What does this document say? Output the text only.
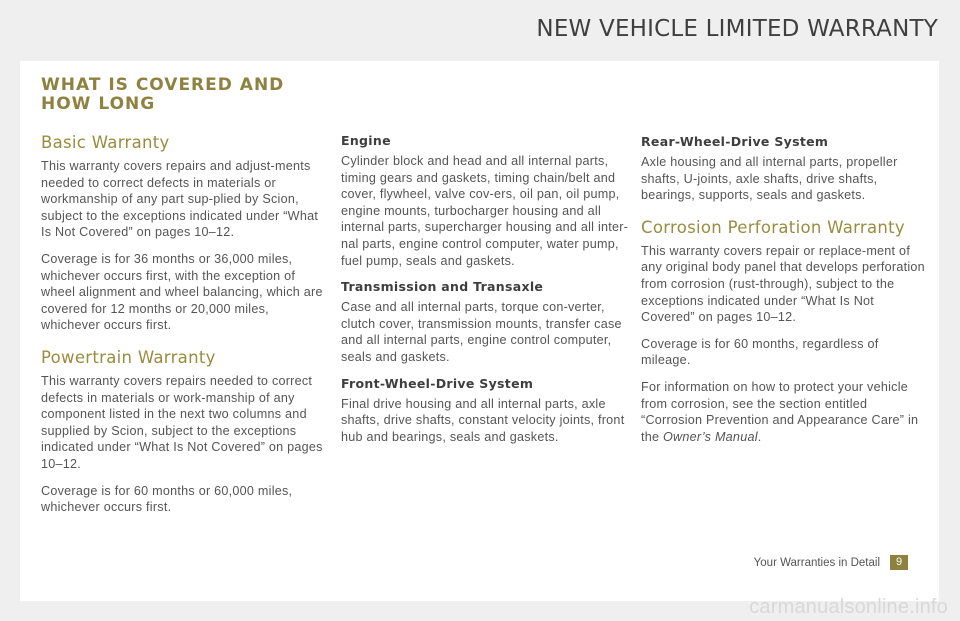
NEW VEHICLE LIMITED WARRANTY
WHAT IS COVERED AND
HOW LONG
Basic Warranty

This warranty covers repairs and adjust-ments needed to correct defects in materials or workmanship of any part sup-plied by Scion, subject to the exceptions indicated under “What Is Not Covered” on pages 10–12.

Coverage is for 36 months or 36,000 miles, whichever occurs first, with the exception of wheel alignment and wheel balancing, which are covered for 12 months or 20,000 miles, whichever occurs first.

Powertrain Warranty

This warranty covers repairs needed to correct defects in materials or work-manship of any component listed in the next two columns and supplied by Scion, subject to the exceptions indicated under “What Is Not Covered” on pages 10–12.

Coverage is for 60 months or 60,000 miles, whichever occurs first.

Engine

Cylinder block and head and all internal parts, timing gears and gaskets, timing chain/belt and cover, flywheel, valve cov-ers, oil pan, oil pump, engine mounts, turbocharger housing and all internal parts, supercharger housing and all inter-nal parts, engine control computer, water pump, fuel pump, seals and gaskets.

Transmission and Transaxle

Case and all internal parts, torque con-verter, clutch cover, transmission mounts, transfer case and all internal parts, engine control computer, seals and gaskets.

Front-Wheel-Drive System

Final drive housing and all internal parts, axle shafts, drive shafts, constant velocity joints, front hub and bearings, seals and gaskets.

Rear-Wheel-Drive System

Axle housing and all internal parts, propeller shafts, U-joints, axle shafts, drive shafts, bearings, supports, seals and gaskets.

Corrosion Perforation Warranty

This warranty covers repair or replace-ment of any original body panel that develops perforation from corrosion (rust-through), subject to the exceptions indicated under “What Is Not Covered” on pages 10–12.

Coverage is for 60 months, regardless of mileage.

For information on how to protect your vehicle from corrosion, see the section entitled “Corrosion Prevention and Appearance Care” in the Owner’s Manual.

Your Warranties in Detail	9
carmanualsonline.info
